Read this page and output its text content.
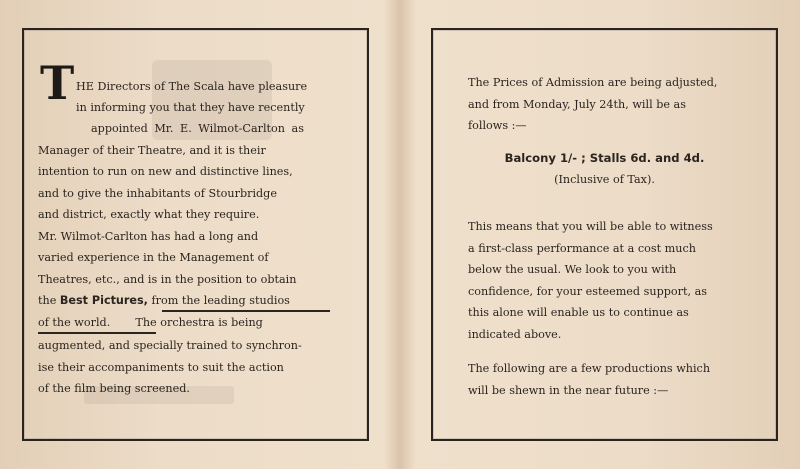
T HE Directors of The Scala have pleasure
in informing you that they have recently
appointed Mr. E. Wilmot-Carlton as
Manager of their Theatre, and it is their
intention to run on new and distinctive lines,
and to give the inhabitants of Stourbridge
and district, exactly what they require.
Mr. Wilmot-Carlton has had a long and
varied experience in the Management of
Theatres, etc., and is in the position to obtain
the Best Pictures, from the leading studios
of the world. The orchestra is being
augmented, and specially trained to synchron-
ise their accompaniments to suit the action
of the film being screened.
The Prices of Admission are being adjusted,
and from Monday, July 24th, will be as
follows :—
Balcony 1/- ; Stalls 6d. and 4d.
(Inclusive of Tax).
This means that you will be able to witness
a first-class performance at a cost much
below the usual. We look to you with
confidence, for your esteemed support, as
this alone will enable us to continue as
indicated above.
The following are a few productions which
will be shewn in the near future :—
